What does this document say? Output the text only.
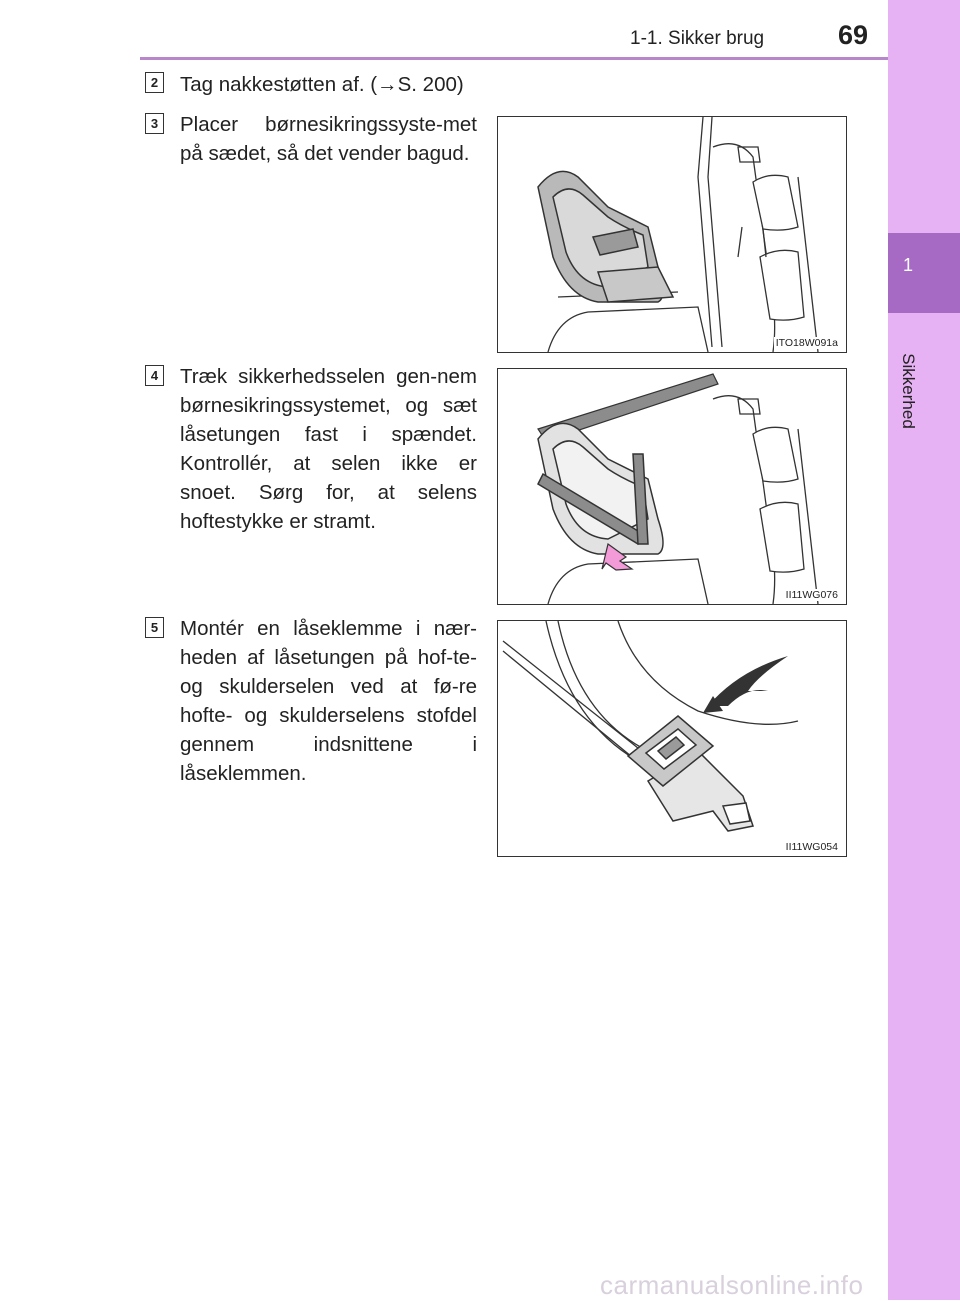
1-1. Sikker brug	69
1
Sikkerhed
2 Tag nakkestøtten af. (→S. 200)
3 Placer børnesikringssyste-met på sædet, så det vender bagud.
ITO18W091a
4 Træk sikkerhedsselen gen-nem børnesikringssystemet, og sæt låsetungen fast i spændet. Kontrollér, at selen ikke er snoet. Sørg for, at selens hoftestykke er stramt.
II11WG076
5 Montér en låseklemme i nær-heden af låsetungen på hof-te- og skulderselen ved at fø-re hofte- og skulderselens stofdel gennem indsnittene i låseklemmen.
II11WG054
carmanualsonline.info
